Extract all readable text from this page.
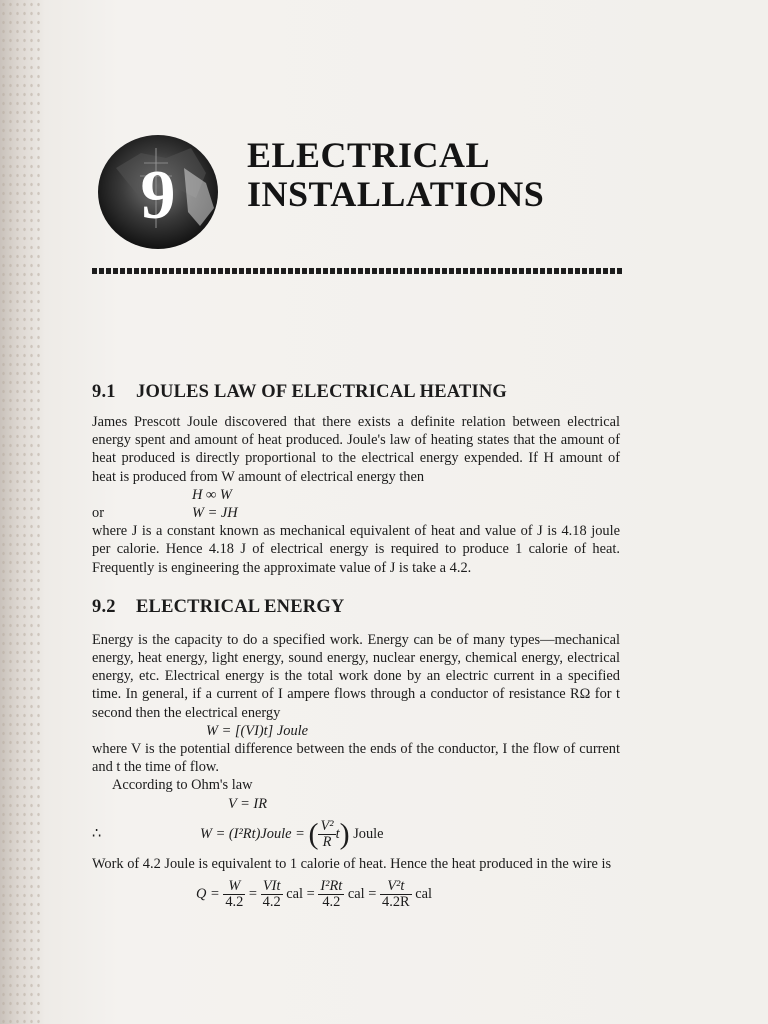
9
ELECTRICAL
INSTALLATIONS
9.1 JOULES LAW OF ELECTRICAL HEATING

James Prescott Joule discovered that there exists a definite relation between electrical energy spent and amount of heat produced. Joule's law of heating states that the amount of heat produced is directly proportional to the electrical energy expended. If H amount of heat is produced from W amount of electrical energy then

H ∞ W

or	W = JH

where J is a constant known as mechanical equivalent of heat and value of J is 4.18 joule per calorie. Hence 4.18 J of electrical energy is required to produce 1 calorie of heat. Frequently is engineering the approximate value of J is take a 4.2.

9.2 ELECTRICAL ENERGY

Energy is the capacity to do a specified work. Energy can be of many types—mechanical energy, heat energy, light energy, sound energy, nuclear energy, chemical energy, electrical energy, etc. Electrical energy is the total work done by an electric current in a specified time. In general, if a current of I ampere flows through a conductor of resistance RΩ for t second then the electrical energy

W = [(VI)t] Joule

where V is the potential difference between the ends of the conductor, I the flow of current and t the time of flow.

According to Ohm's law

V = IR

∴	W = (I²Rt)Joule = ( $\frac{\text{V²}}{R} t$) Joule

Work of 4.2 Joule is equivalent to 1 calorie of heat. Hence the heat produced in the wire is

$Q = \frac{W}{4.2} = \frac{\text{VIt}}{4.2}$ cal = $\frac{\text{I²Rt}}{4.2}$ cal = $\frac{\text{V²t}}{4.2R}$ cal
